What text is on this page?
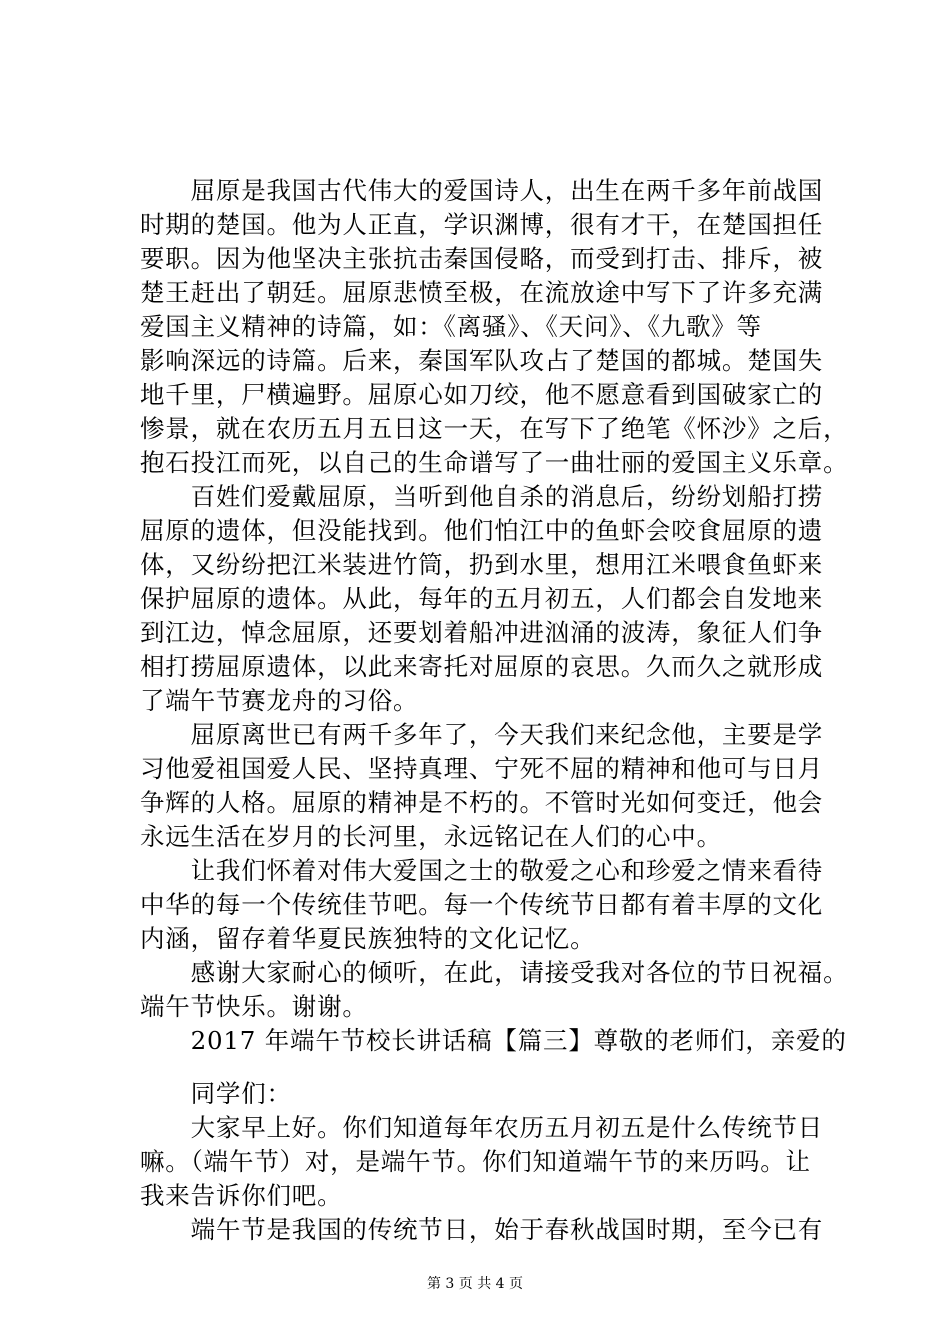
　　屈原是我国古代伟大的爱国诗人，出生在两千多年前战国
时期的楚国。他为人正直，学识渊博，很有才干，在楚国担任
要职。因为他坚决主张抗击秦国侵略，而受到打击、排斥，被
楚王赶出了朝廷。屈原悲愤至极，在流放途中写下了许多充满
爱国主义精神的诗篇，如：《离骚》、《天问》、《九歌》等
影响深远的诗篇。后来，秦国军队攻占了楚国的都城。楚国失
地千里，尸横遍野。屈原心如刀绞，他不愿意看到国破家亡的
惨景，就在农历五月五日这一天，在写下了绝笔《怀沙》之后，
抱石投江而死，以自己的生命谱写了一曲壮丽的爱国主义乐章。
　　百姓们爱戴屈原，当听到他自杀的消息后，纷纷划船打捞
屈原的遗体，但没能找到。他们怕江中的鱼虾会咬食屈原的遗
体，又纷纷把江米装进竹筒，扔到水里，想用江米喂食鱼虾来
保护屈原的遗体。从此，每年的五月初五，人们都会自发地来
到江边，悼念屈原，还要划着船冲进汹涌的波涛，象征人们争
相打捞屈原遗体，以此来寄托对屈原的哀思。久而久之就形成
了端午节赛龙舟的习俗。
　　屈原离世已有两千多年了，今天我们来纪念他，主要是学
习他爱祖国爱人民、坚持真理、宁死不屈的精神和他可与日月
争辉的人格。屈原的精神是不朽的。不管时光如何变迁，他会
永远生活在岁月的长河里，永远铭记在人们的心中。
　　让我们怀着对伟大爱国之士的敬爱之心和珍爱之情来看待
中华的每一个传统佳节吧。每一个传统节日都有着丰厚的文化
内涵，留存着华夏民族独特的文化记忆。
　　感谢大家耐心的倾听，在此，请接受我对各位的节日祝福。
端午节快乐。谢谢。
　　2017 年端午节校长讲话稿【篇三】尊敬的老师们，亲爱的
　　同学们：
　　大家早上好。你们知道每年农历五月初五是什么传统节日
嘛。（端午节）对，是端午节。你们知道端午节的来历吗。让
我来告诉你们吧。
　　端午节是我国的传统节日，始于春秋战国时期，至今已有
第 3 页 共 4 页
